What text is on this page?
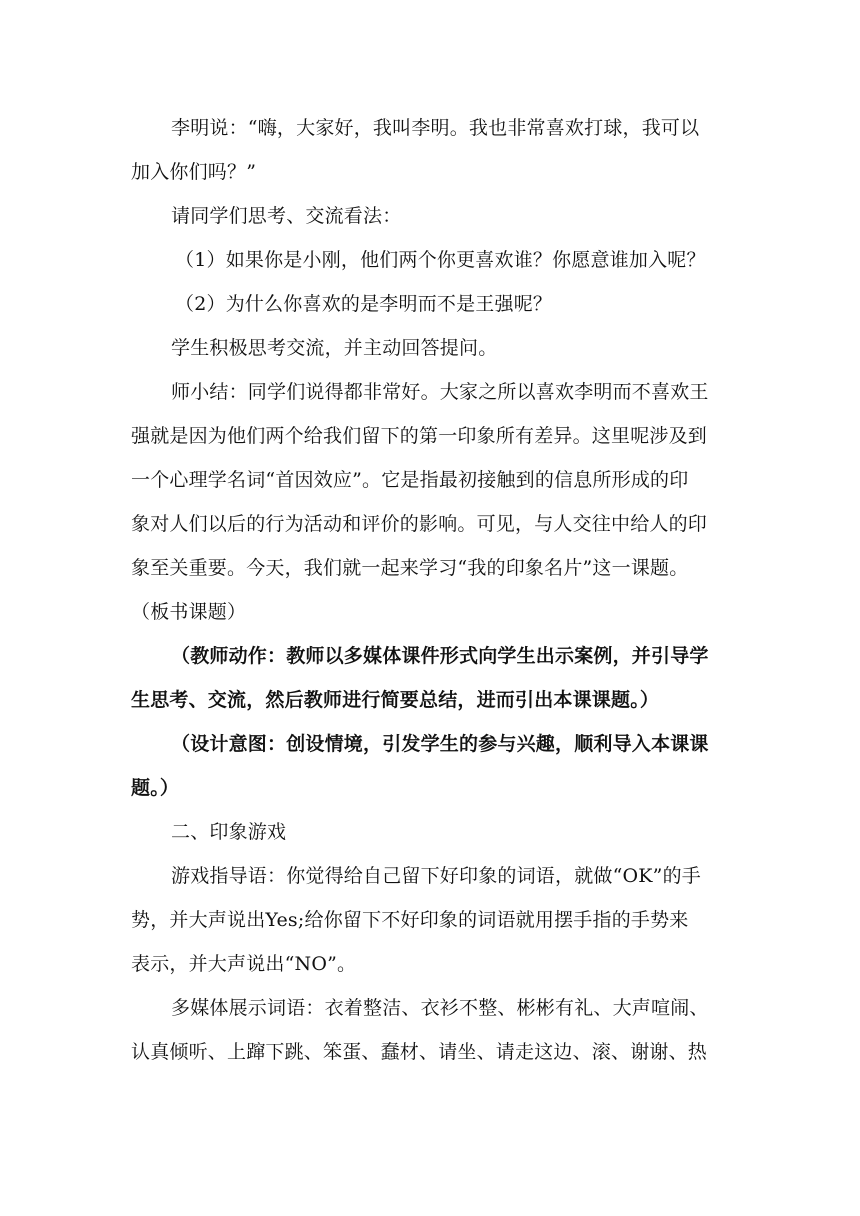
李明说：“嗨，大家好，我叫李明。我也非常喜欢打球，我可以
加入你们吗？”
请同学们思考、交流看法：
（1）如果你是小刚，他们两个你更喜欢谁？你愿意谁加入呢？
（2）为什么你喜欢的是李明而不是王强呢？
学生积极思考交流，并主动回答提问。
师小结：同学们说得都非常好。大家之所以喜欢李明而不喜欢王
强就是因为他们两个给我们留下的第一印象所有差异。这里呢涉及到
一个心理学名词“首因效应”。它是指最初接触到的信息所形成的印
象对人们以后的行为活动和评价的影响。可见，与人交往中给人的印
象至关重要。今天，我们就一起来学习“我的印象名片”这一课题。
（板书课题）
（教师动作：教师以多媒体课件形式向学生出示案例，并引导学
生思考、交流，然后教师进行简要总结，进而引出本课课题。）
（设计意图：创设情境，引发学生的参与兴趣，顺利导入本课课
题。）
二、印象游戏
游戏指导语：你觉得给自己留下好印象的词语，就做“OK”的手
势，并大声说出Yes;给你留下不好印象的词语就用摆手指的手势来
表示，并大声说出“NO”。
多媒体展示词语：衣着整洁、衣衫不整、彬彬有礼、大声喧闹、
认真倾听、上蹿下跳、笨蛋、蠢材、请坐、请走这边、滚、谢谢、热
